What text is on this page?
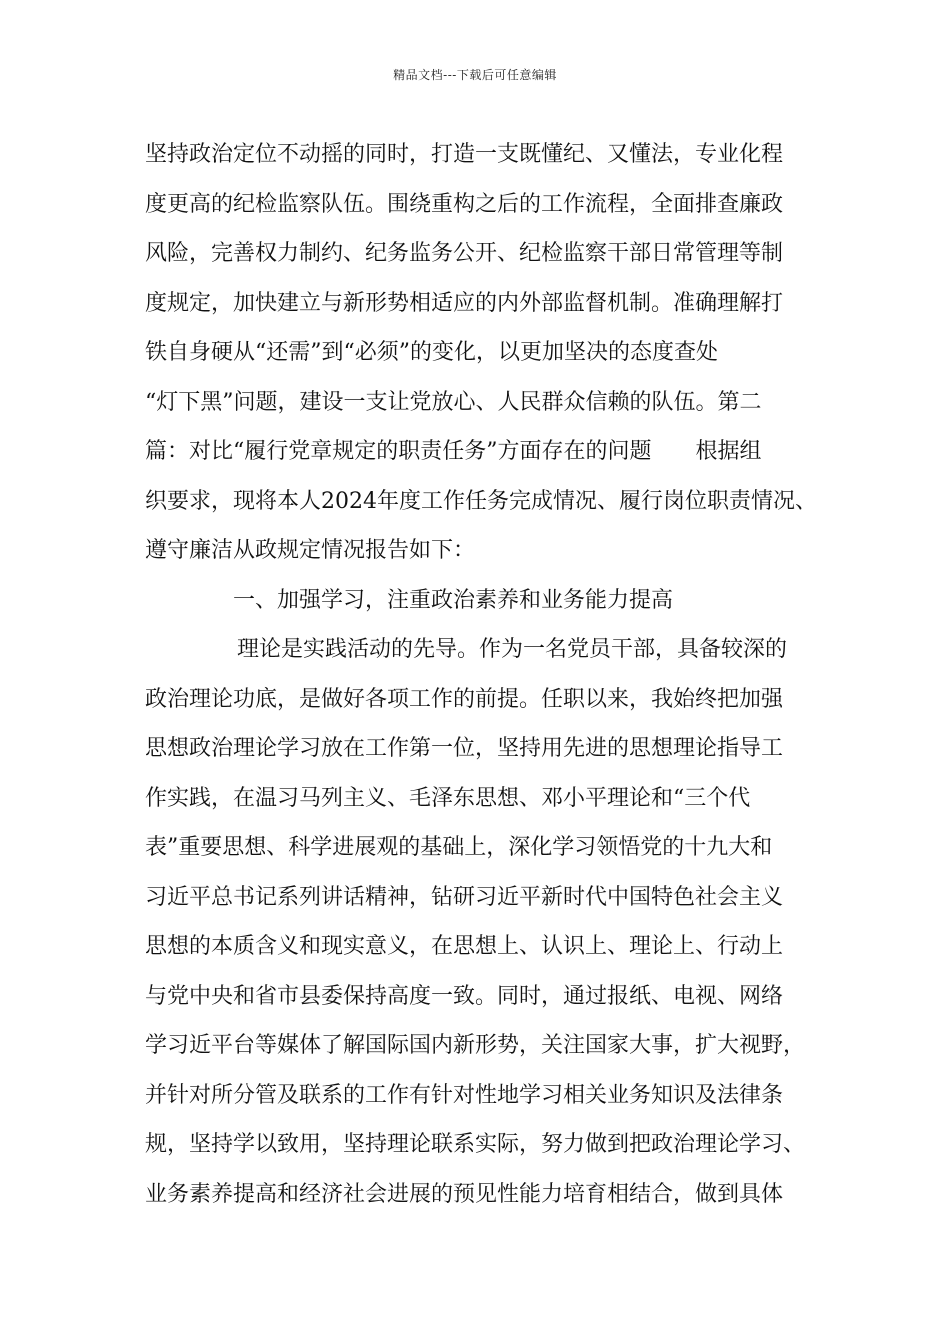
精品文档---下载后可任意编辑
坚持政治定位不动摇的同时，打造一支既懂纪、又懂法，专业化程
度更高的纪检监察队伍。围绕重构之后的工作流程，全面排查廉政
风险，完善权力制约、纪务监务公开、纪检监察干部日常管理等制
度规定，加快建立与新形势相适应的内外部监督机制。准确理解打
铁自身硬从“还需”到“必须”的变化，以更加坚决的态度查处
“灯下黑”问题，建设一支让党放心、人民群众信赖的队伍。第二
篇：对比“履行党章规定的职责任务”方面存在的问题　　根据组
织要求，现将本人2024年度工作任务完成情况、履行岗位职责情况、
遵守廉洁从政规定情况报告如下：
一、加强学习，注重政治素养和业务能力提高
理论是实践活动的先导。作为一名党员干部，具备较深的
政治理论功底，是做好各项工作的前提。任职以来，我始终把加强
思想政治理论学习放在工作第一位，坚持用先进的思想理论指导工
作实践，在温习马列主义、毛泽东思想、邓小平理论和“三个代
表”重要思想、科学进展观的基础上，深化学习领悟党的十九大和
习近平总书记系列讲话精神，钻研习近平新时代中国特色社会主义
思想的本质含义和现实意义，在思想上、认识上、理论上、行动上
与党中央和省市县委保持高度一致。同时，通过报纸、电视、网络
学习近平台等媒体了解国际国内新形势，关注国家大事，扩大视野，
并针对所分管及联系的工作有针对性地学习相关业务知识及法律条
规，坚持学以致用，坚持理论联系实际，努力做到把政治理论学习、
业务素养提高和经济社会进展的预见性能力培育相结合，做到具体
